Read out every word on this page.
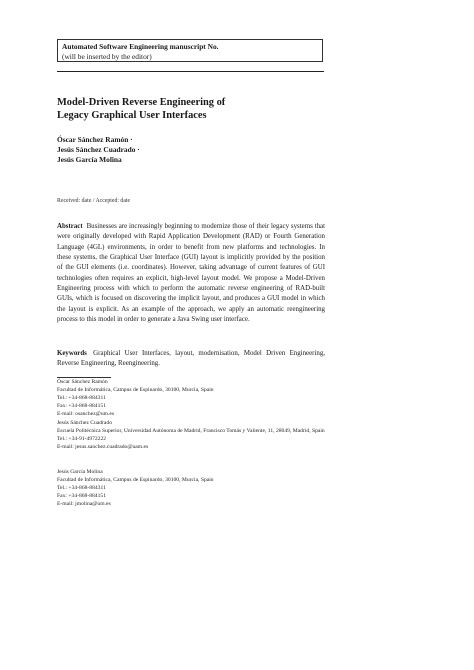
Automated Software Engineering manuscript No.
(will be inserted by the editor)
Model-Driven Reverse Engineering of
Legacy Graphical User Interfaces
Óscar Sánchez Ramón ·
Jesús Sánchez Cuadrado ·
Jesús García Molina
Received: date / Accepted: date
Abstract Businesses are increasingly beginning to modernize those of their legacy systems that were originally developed with Rapid Application Development (RAD) or Fourth Generation Language (4GL) environments, in order to benefit from new platforms and technologies. In these systems, the Graphical User Interface (GUI) layout is implicitly provided by the position of the GUI elements (i.e. coordinates). However, taking advantage of current features of GUI technologies often requires an explicit, high-level layout model. We propose a Model-Driven Engineering process with which to perform the automatic reverse engineering of RAD-built GUIs, which is focused on discovering the implicit layout, and produces a GUI model in which the layout is explicit. As an example of the approach, we apply an automatic reengineering process to this model in order to generate a Java Swing user interface.
Keywords Graphical User Interfaces, layout, modernisation, Model Driven Engineering, Reverse Engineering, Reengineering.
Óscar Sánchez Ramón
Facultad de Informática, Campus de Espinardo, 30100, Murcia, Spain
Tel.: +34-868-884311
Fax: +34-868-884151
E-mail: osanchez@um.es
Jesús Sánchez Cuadrado
Escuela Politécnica Superior, Universidad Autónoma de Madrid, Francisco Tomás y Valiente, 11, 28049, Madrid, Spain
Tel.: +34-91-4972222
E-mail: jesus.sanchez.cuadrado@uam.es
Jesús García Molina
Facultad de Informática, Campus de Espinardo, 30100, Murcia, Spain
Tel.: +34-868-884311
Fax: +34-868-884151
E-mail: jmolina@um.es
